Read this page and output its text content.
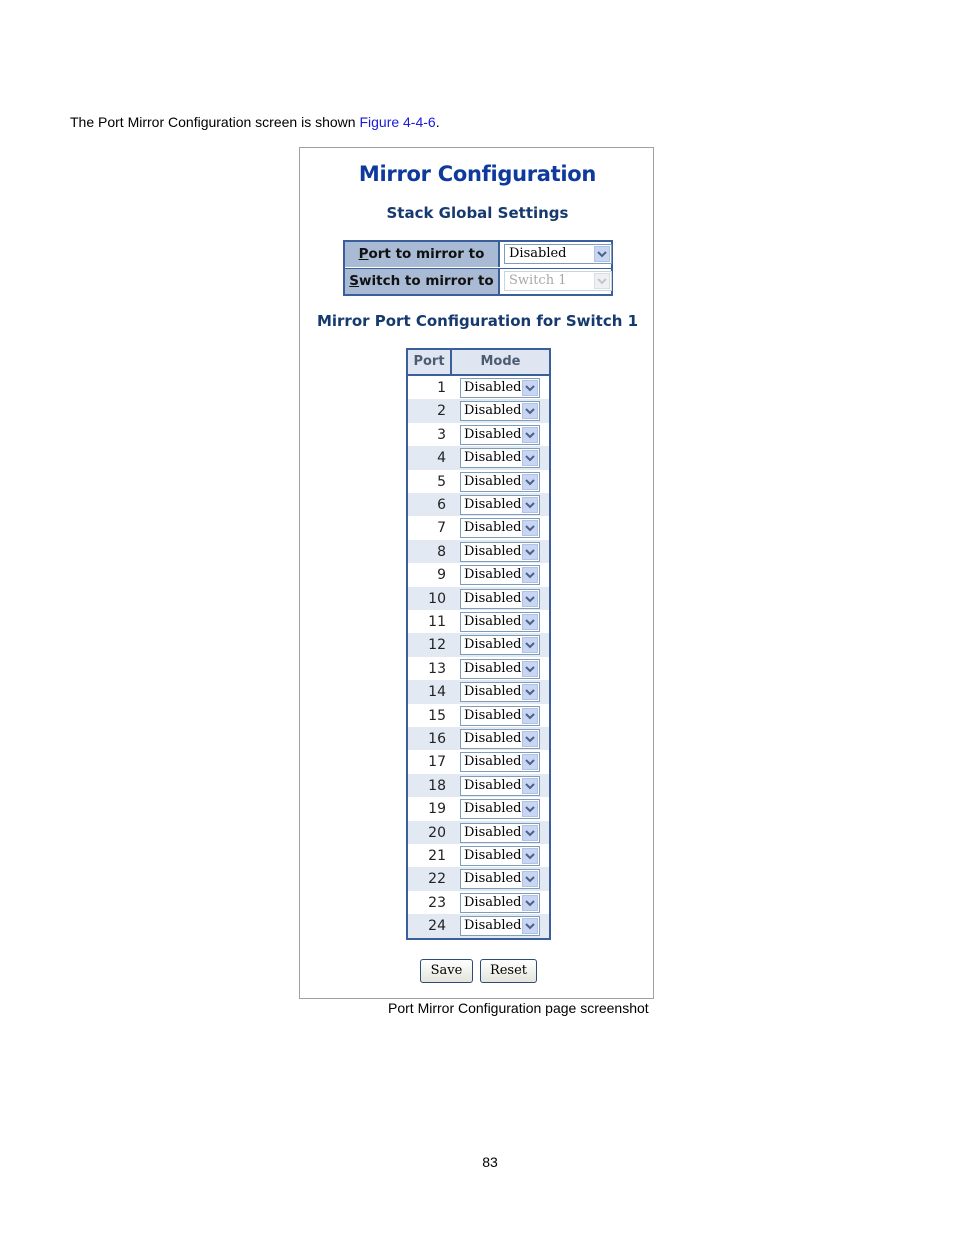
The Port Mirror Configuration screen is shown Figure 4-4-6.
Mirror Configuration
Stack Global Settings
Port to mirror to	Disabled
Switch to mirror to	Switch 1
Mirror Port Configuration for Switch 1
Port	Mode
1	Disabled
2	Disabled
3	Disabled
4	Disabled
5	Disabled
6	Disabled
7	Disabled
8	Disabled
9	Disabled
10	Disabled
11	Disabled
12	Disabled
13	Disabled
14	Disabled
15	Disabled
16	Disabled
17	Disabled
18	Disabled
19	Disabled
20	Disabled
21	Disabled
22	Disabled
23	Disabled
24	Disabled
Save	Reset
Port Mirror Configuration page screenshot
83
